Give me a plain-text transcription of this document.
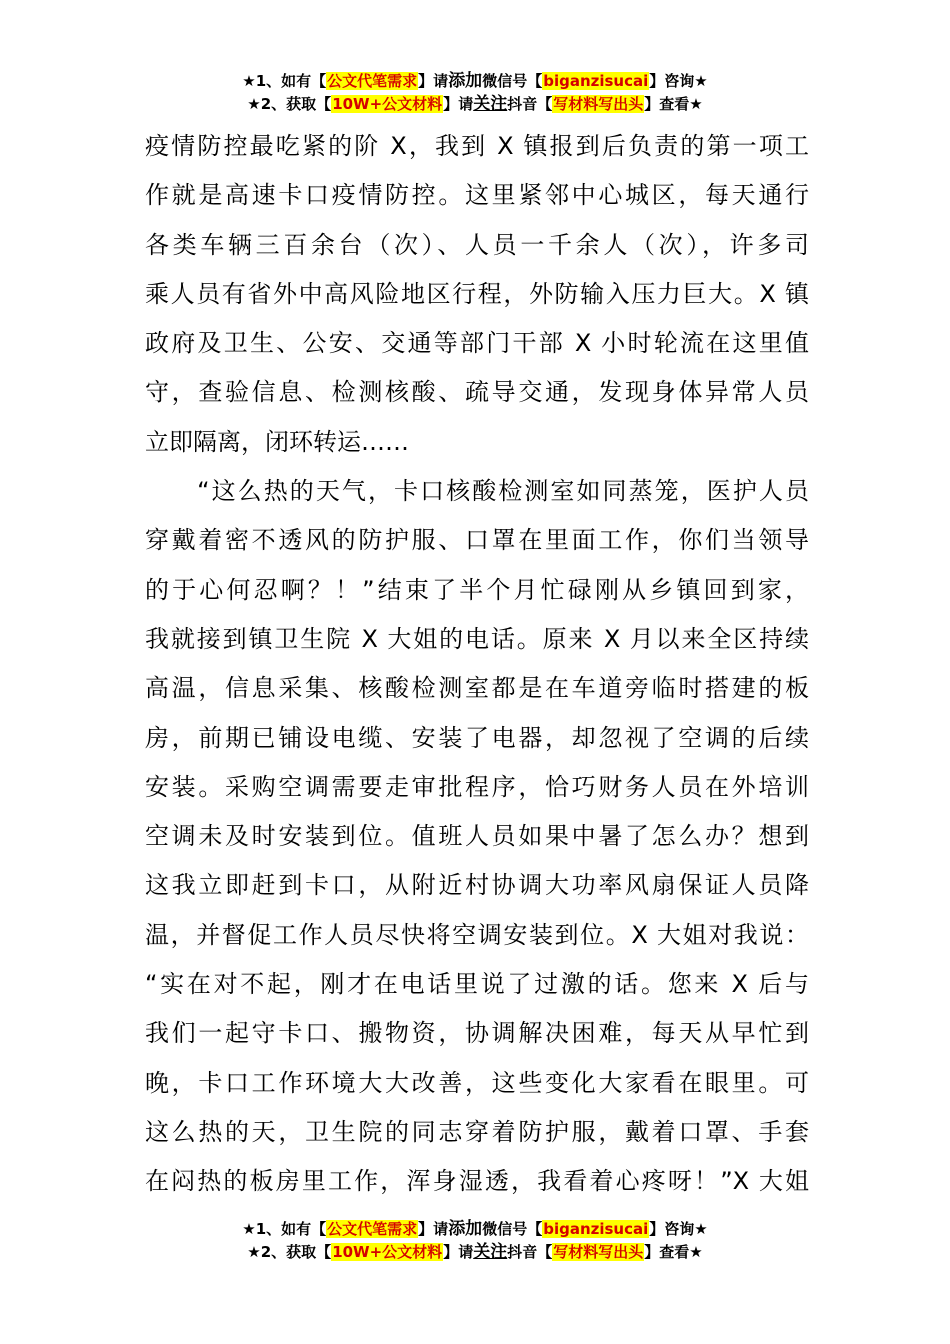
★1、如有【公文代笔需求】请添加微信号【biganzisucai】咨询★
★2、获取【10W+公文材料】请关注抖音【写材料写出头】查看★
疫情防控最吃紧的阶 X，我到 X 镇报到后负责的第一项工
作就是高速卡口疫情防控。这里紧邻中心城区，每天通行
各类车辆三百余台（次）、人员一千余人（次），许多司
乘人员有省外中高风险地区行程，外防输入压力巨大。X 镇
政府及卫生、公安、交通等部门干部 X 小时轮流在这里值
守，查验信息、检测核酸、疏导交通，发现身体异常人员
立即隔离，闭环转运……
　　“这么热的天气，卡口核酸检测室如同蒸笼，医护人员
穿戴着密不透风的防护服、口罩在里面工作，你们当领导
的于心何忍啊？！”结束了半个月忙碌刚从乡镇回到家，
我就接到镇卫生院 X 大姐的电话。原来 X 月以来全区持续
高温，信息采集、核酸检测室都是在车道旁临时搭建的板
房，前期已铺设电缆、安装了电器，却忽视了空调的后续
安装。采购空调需要走审批程序，恰巧财务人员在外培训
空调未及时安装到位。值班人员如果中暑了怎么办？想到
这我立即赶到卡口，从附近村协调大功率风扇保证人员降
温，并督促工作人员尽快将空调安装到位。X 大姐对我说：
“实在对不起，刚才在电话里说了过激的话。您来 X 后与
我们一起守卡口、搬物资，协调解决困难，每天从早忙到
晚，卡口工作环境大大改善，这些变化大家看在眼里。可
这么热的天，卫生院的同志穿着防护服，戴着口罩、手套
在闷热的板房里工作，浑身湿透，我看着心疼呀！”X 大姐
★1、如有【公文代笔需求】请添加微信号【biganzisucai】咨询★
★2、获取【10W+公文材料】请关注抖音【写材料写出头】查看★
